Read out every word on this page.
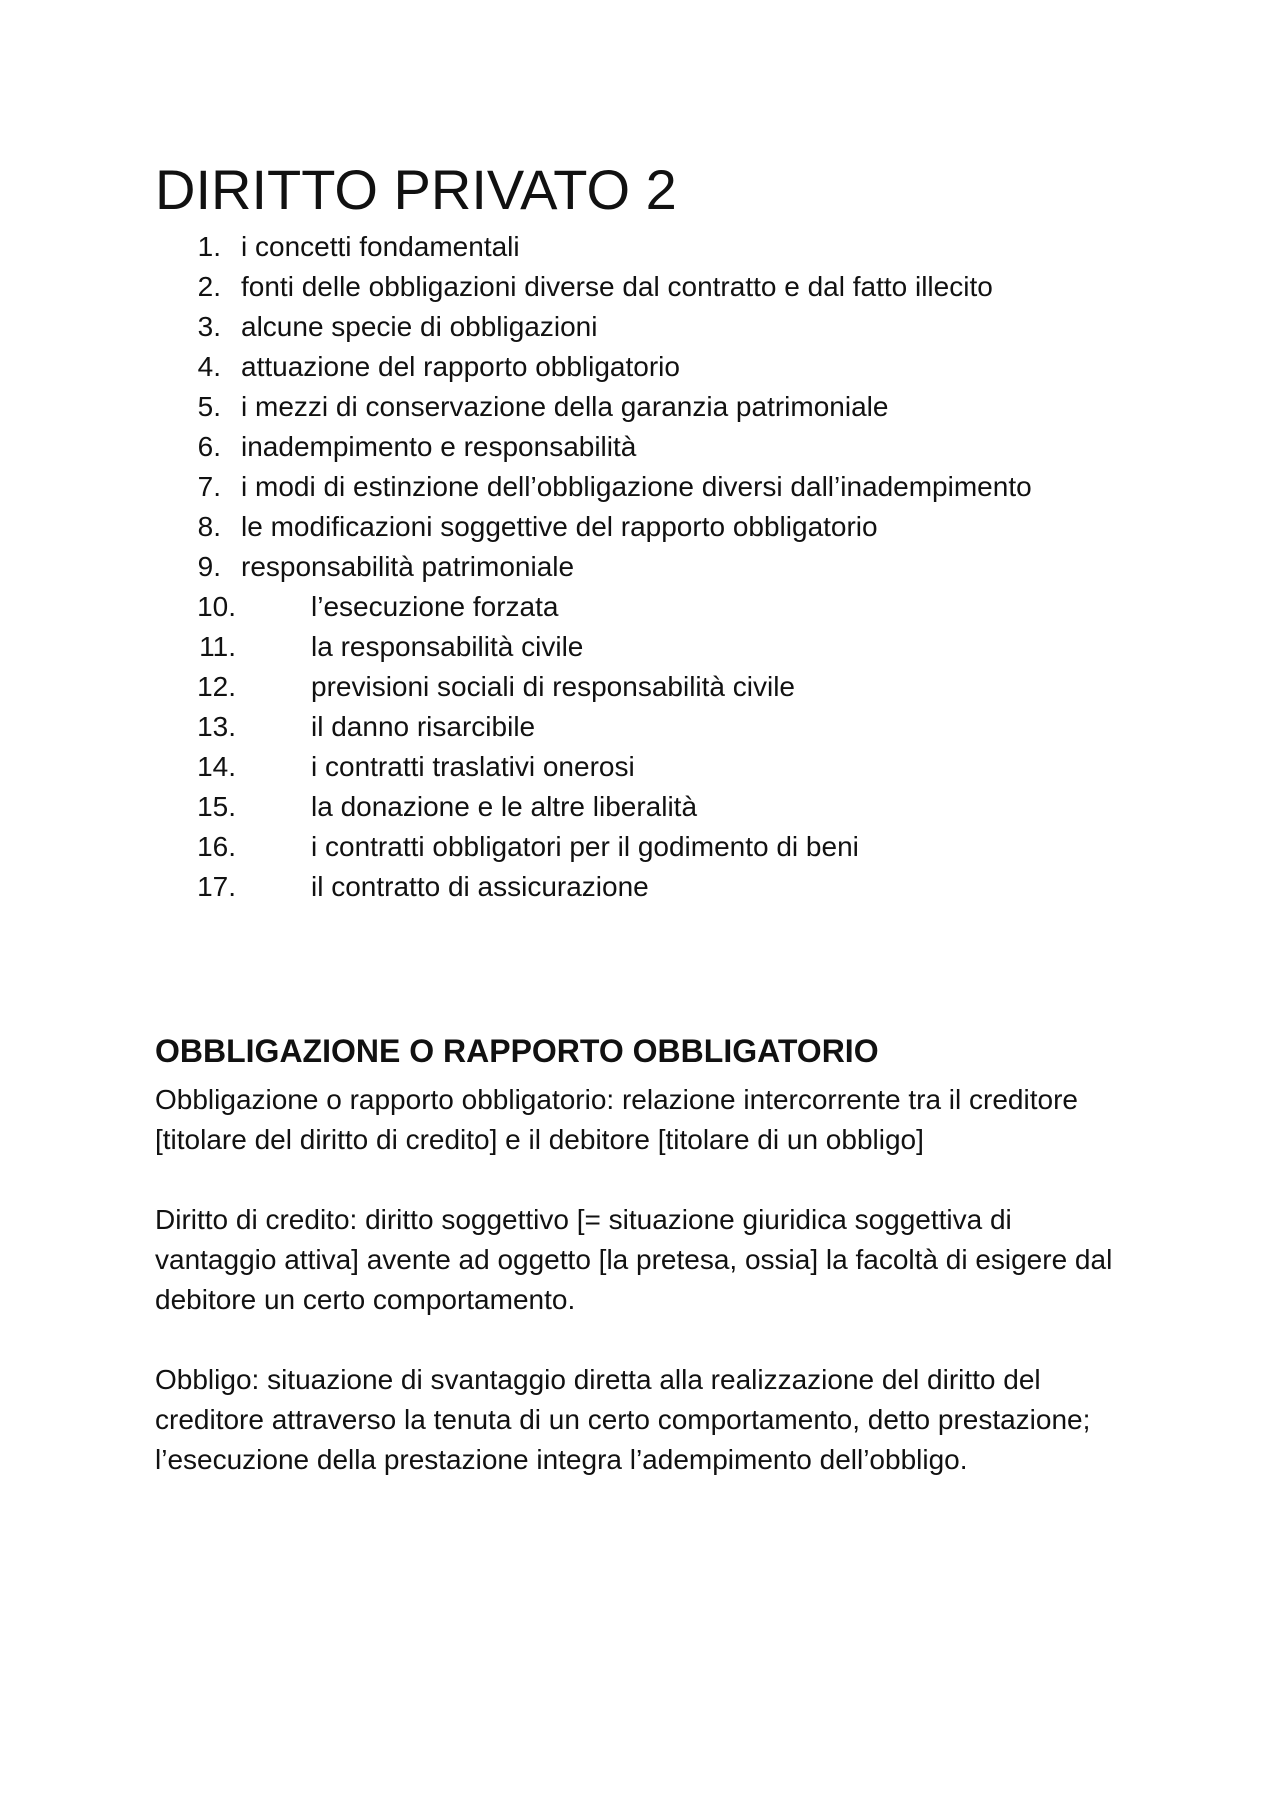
DIRITTO PRIVATO 2
1. i concetti fondamentali
2. fonti delle obbligazioni diverse dal contratto e dal fatto illecito
3. alcune specie di obbligazioni
4. attuazione del rapporto obbligatorio
5. i mezzi di conservazione della garanzia patrimoniale
6. inadempimento e responsabilità
7. i modi di estinzione dell’obbligazione diversi dall’inadempimento
8. le modificazioni soggettive del rapporto obbligatorio
9. responsabilità patrimoniale
10.	l’esecuzione forzata
11.	la responsabilità civile
12.	previsioni sociali di responsabilità civile
13.	il danno risarcibile
14.	i contratti traslativi onerosi
15.	la donazione e le altre liberalità
16.	i contratti obbligatori per il godimento di beni
17.	il contratto di assicurazione
OBBLIGAZIONE O RAPPORTO OBBLIGATORIO

Obbligazione o rapporto obbligatorio: relazione intercorrente tra il creditore [titolare del diritto di credito] e il debitore [titolare di un obbligo]

Diritto di credito: diritto soggettivo [= situazione giuridica soggettiva di vantaggio attiva] avente ad oggetto [la pretesa, ossia] la facoltà di esigere dal debitore un certo comportamento.

Obbligo: situazione di svantaggio diretta alla realizzazione del diritto del creditore attraverso la tenuta di un certo comportamento, detto prestazione; l’esecuzione della prestazione integra l’adempimento dell’obbligo.
